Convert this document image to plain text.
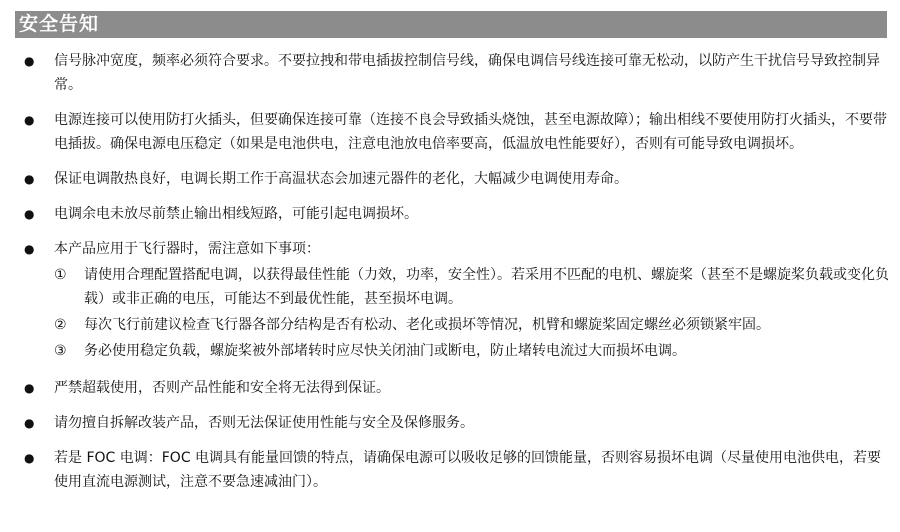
安全告知
●	信号脉冲宽度，频率必须符合要求。不要拉拽和带电插拔控制信号线，确保电调信号线连接可靠无松动，以防产生干扰信号导致控制异常。
●	电源连接可以使用防打火插头，但要确保连接可靠（连接不良会导致插头烧蚀，甚至电源故障）；输出相线不要使用防打火插头，不要带电插拔。确保电源电压稳定（如果是电池供电，注意电池放电倍率要高，低温放电性能要好），否则有可能导致电调损坏。
●	保证电调散热良好，电调长期工作于高温状态会加速元器件的老化，大幅减少电调使用寿命。
●	电调余电未放尽前禁止输出相线短路，可能引起电调损坏。
●	本产品应用于飞行器时，需注意如下事项：
①	请使用合理配置搭配电调，以获得最佳性能（力效，功率，安全性）。若采用不匹配的电机、螺旋桨（甚至不是螺旋桨负载或变化负载）或非正确的电压，可能达不到最优性能，甚至损坏电调。
②	每次飞行前建议检查飞行器各部分结构是否有松动、老化或损坏等情况，机臂和螺旋桨固定螺丝必须锁紧牢固。
③	务必使用稳定负载，螺旋桨被外部堵转时应尽快关闭油门或断电，防止堵转电流过大而损坏电调。
●	严禁超载使用，否则产品性能和安全将无法得到保证。
●	请勿擅自拆解改装产品，否则无法保证使用性能与安全及保修服务。
●	若是 FOC 电调：FOC 电调具有能量回馈的特点，请确保电源可以吸收足够的回馈能量，否则容易损坏电调（尽量使用电池供电，若要使用直流电源测试，注意不要急速减油门）。
